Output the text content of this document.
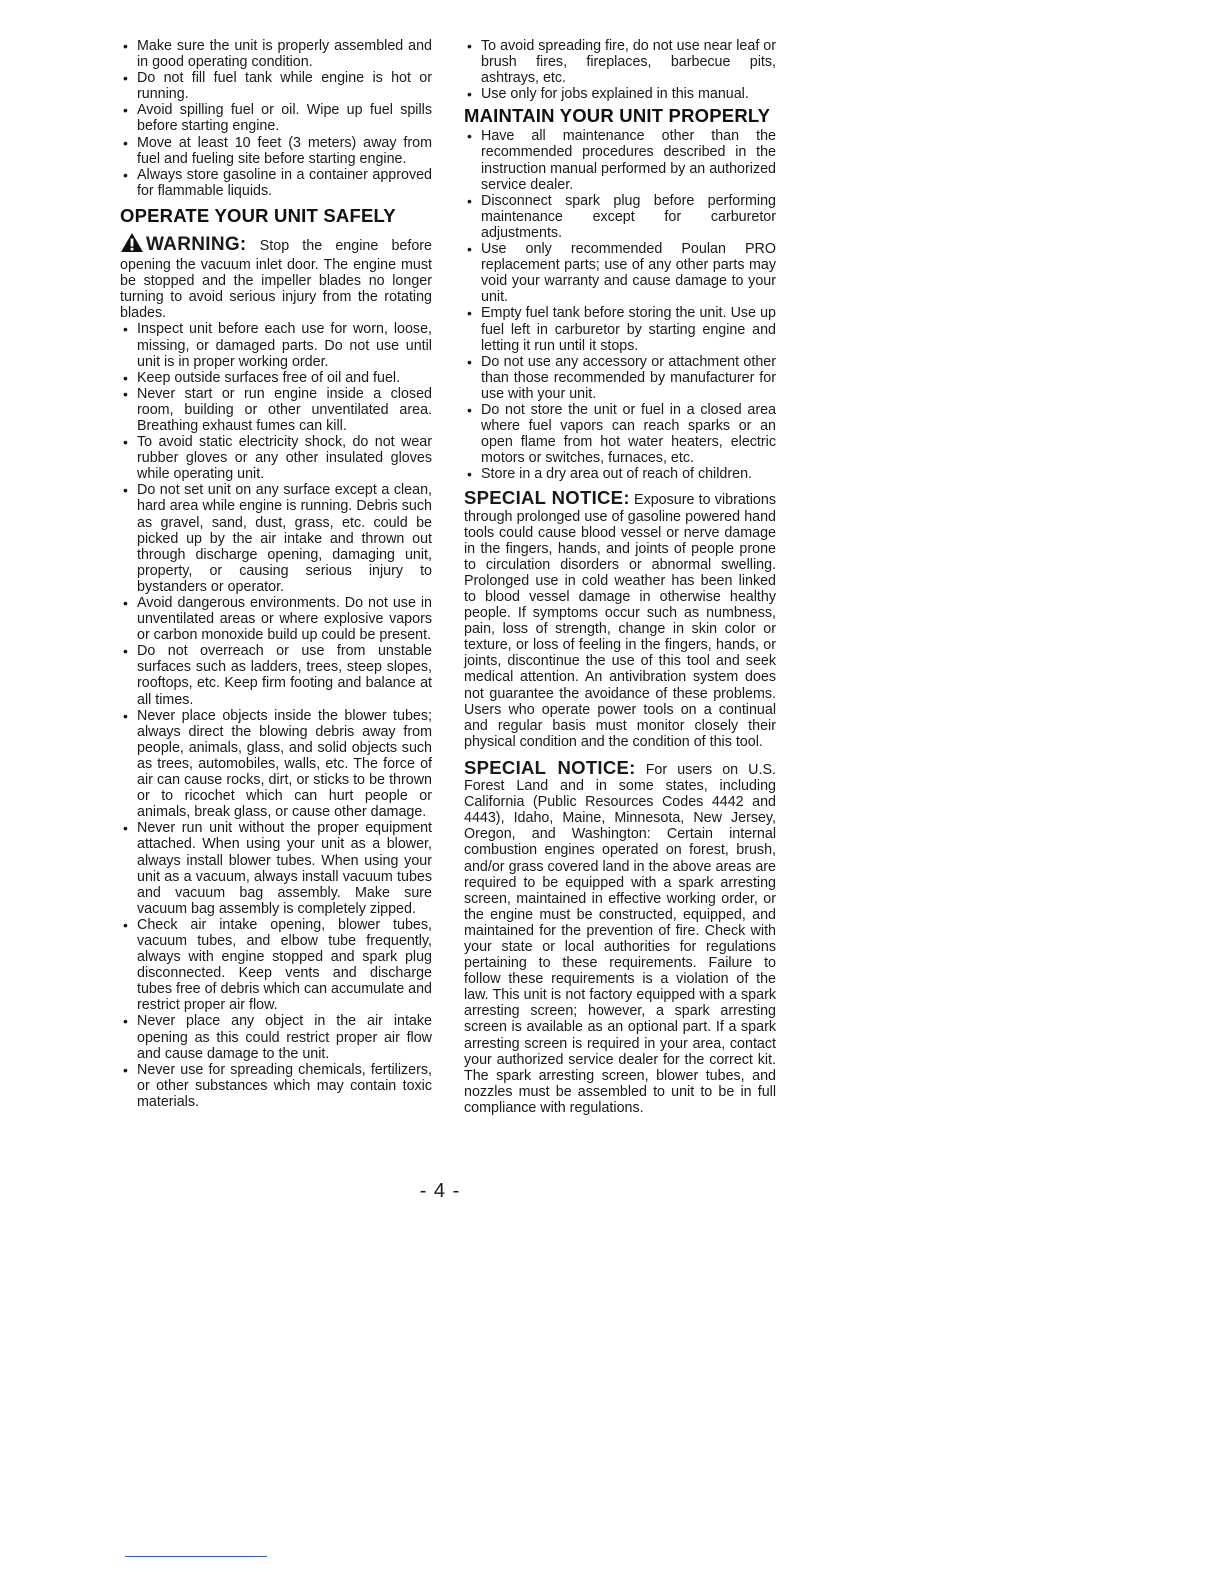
• Make sure the unit is properly assembled and in good operating condition.
• Do not fill fuel tank while engine is hot or running.
• Avoid spilling fuel or oil. Wipe up fuel spills before starting engine.
• Move at least 10 feet (3 meters) away from fuel and fueling site before starting engine.
• Always store gasoline in a container approved for flammable liquids.
OPERATE YOUR UNIT SAFELY

WARNING: Stop the engine before opening the vacuum inlet door. The engine must be stopped and the impeller blades no longer turning to avoid serious injury from the rotating blades.

• Inspect unit before each use for worn, loose, missing, or damaged parts. Do not use until unit is in proper working order.
• Keep outside surfaces free of oil and fuel.
• Never start or run engine inside a closed room, building or other unventilated area. Breathing exhaust fumes can kill.
• To avoid static electricity shock, do not wear rubber gloves or any other insulated gloves while operating unit.
• Do not set unit on any surface except a clean, hard area while engine is running. Debris such as gravel, sand, dust, grass, etc. could be picked up by the air intake and thrown out through discharge opening, damaging unit, property, or causing serious injury to bystanders or operator.
• Avoid dangerous environments. Do not use in unventilated areas or where explosive vapors or carbon monoxide build up could be present.
• Do not overreach or use from unstable surfaces such as ladders, trees, steep slopes, rooftops, etc. Keep firm footing and balance at all times.
• Never place objects inside the blower tubes; always direct the blowing debris away from people, animals, glass, and solid objects such as trees, automobiles, walls, etc. The force of air can cause rocks, dirt, or sticks to be thrown or to ricochet which can hurt people or animals, break glass, or cause other damage.
• Never run unit without the proper equipment attached. When using your unit as a blower, always install blower tubes. When using your unit as a vacuum, always install vacuum tubes and vacuum bag assembly. Make sure vacuum bag assembly is completely zipped.
• Check air intake opening, blower tubes, vacuum tubes, and elbow tube frequently, always with engine stopped and spark plug disconnected. Keep vents and discharge tubes free of debris which can accumulate and restrict proper air flow.
• Never place any object in the air intake opening as this could restrict proper air flow and cause damage to the unit.
• Never use for spreading chemicals, fertilizers, or other substances which may contain toxic materials.
• To avoid spreading fire, do not use near leaf or brush fires, fireplaces, barbecue pits, ashtrays, etc.
• Use only for jobs explained in this manual.
MAINTAIN YOUR UNIT PROPERLY
• Have all maintenance other than the recommended procedures described in the instruction manual performed by an authorized service dealer.
• Disconnect spark plug before performing maintenance except for carburetor adjustments.
• Use only recommended Poulan PRO replacement parts; use of any other parts may void your warranty and cause damage to your unit.
• Empty fuel tank before storing the unit. Use up fuel left in carburetor by starting engine and letting it run until it stops.
• Do not use any accessory or attachment other than those recommended by manufacturer for use with your unit.
• Do not store the unit or fuel in a closed area where fuel vapors can reach sparks or an open flame from hot water heaters, electric motors or switches, furnaces, etc.
• Store in a dry area out of reach of children.

SPECIAL NOTICE: Exposure to vibrations through prolonged use of gasoline powered hand tools could cause blood vessel or nerve damage in the fingers, hands, and joints of people prone to circulation disorders or abnormal swelling. Prolonged use in cold weather has been linked to blood vessel damage in otherwise healthy people. If symptoms occur such as numbness, pain, loss of strength, change in skin color or texture, or loss of feeling in the fingers, hands, or joints, discontinue the use of this tool and seek medical attention. An antivibration system does not guarantee the avoidance of these problems. Users who operate power tools on a continual and regular basis must monitor closely their physical condition and the condition of this tool.

SPECIAL NOTICE: For users on U.S. Forest Land and in some states, including California (Public Resources Codes 4442 and 4443), Idaho, Maine, Minnesota, New Jersey, Oregon, and Washington: Certain internal combustion engines operated on forest, brush, and/or grass covered land in the above areas are required to be equipped with a spark arresting screen, maintained in effective working order, or the engine must be constructed, equipped, and maintained for the prevention of fire. Check with your state or local authorities for regulations pertaining to these requirements. Failure to follow these requirements is a violation of the law. This unit is not factory equipped with a spark arresting screen; however, a spark arresting screen is available as an optional part. If a spark arresting screen is required in your area, contact your authorized service dealer for the correct kit. The spark arresting screen, blower tubes, and nozzles must be assembled to unit to be in full compliance with regulations.

- 4 -
